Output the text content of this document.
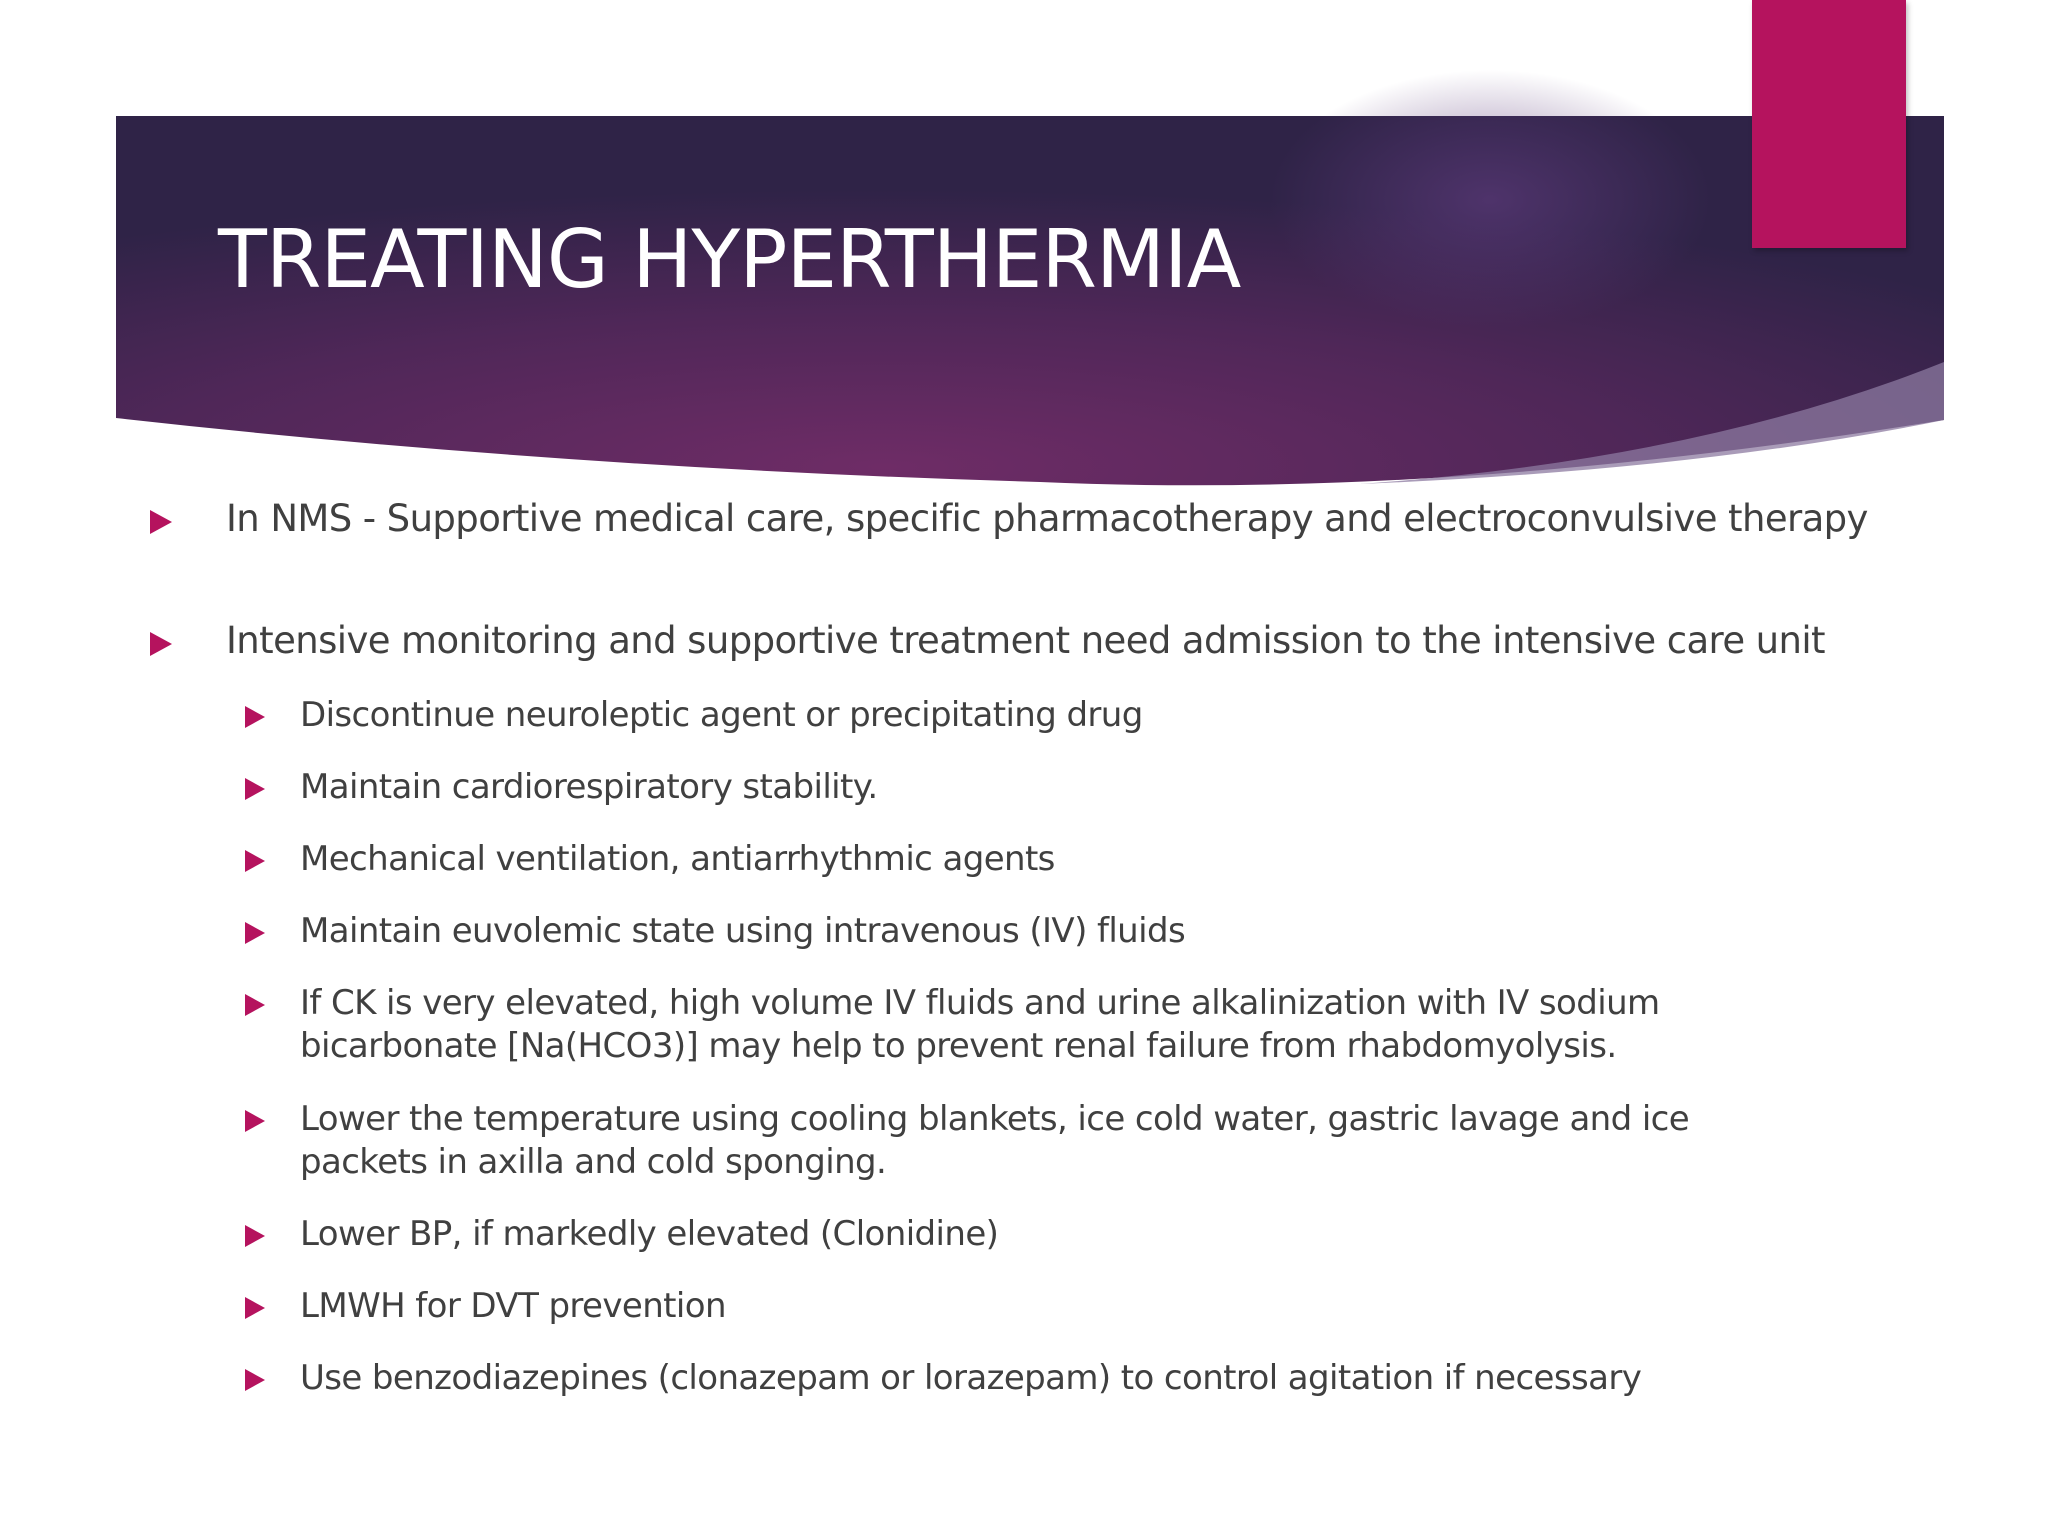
TREATING HYPERTHERMIA
In NMS - Supportive medical care, specific pharmacotherapy and electroconvulsive therapy
Intensive monitoring and supportive treatment need admission to the intensive care unit
Discontinue neuroleptic agent or precipitating drug
Maintain cardiorespiratory stability.
Mechanical ventilation, antiarrhythmic agents
Maintain euvolemic state using intravenous (IV) fluids
If CK is very elevated, high volume IV fluids and urine alkalinization with IV sodium bicarbonate [Na(HCO3)] may help to prevent renal failure from rhabdomyolysis.
Lower the temperature using cooling blankets, ice cold water, gastric lavage and ice packets in axilla and cold sponging.
Lower BP, if markedly elevated (Clonidine)
LMWH for DVT prevention
Use benzodiazepines (clonazepam or lorazepam) to control agitation if necessary
